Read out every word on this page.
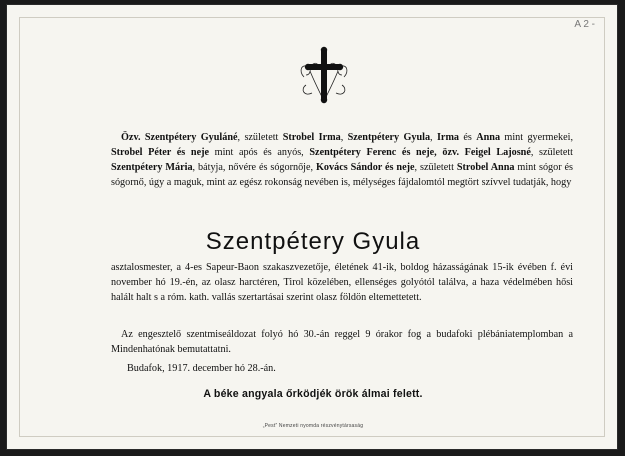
A 2 -
Özv. Szentpétery Gyuláné, született Strobel Irma, Szentpétery Gyula, Irma és Anna mint gyermekei, Strobel Péter és neje mint após és anyós, Szentpétery Ferenc és neje, özv. Feigel Lajosné, született Szentpétery Mária, bátyja, nővére és sógornője, Kovács Sándor és neje, született Strobel Anna mint sógor és sógornő, úgy a maguk, mint az egész rokonság nevében is, mélységes fájdalomtól megtört szívvel tudatják, hogy
Szentpétery Gyula
asztalosmester, a 4-es Sapeur-Baon szakaszvezetője, életének 41-ik, boldog házasságának 15-ik évében f. évi november hó 19.-én, az olasz harctéren, Tirol közelében, ellenséges golyótól találva, a haza védelmében hősi halált halt s a róm. kath. vallás szertartásai szerint olasz földön eltemettetett.
Az engesztelő szentmiseáldozat folyó hó 30.-án reggel 9 órakor fog a budafoki plébániatemplomban a Mindenhatónak bemutattatni.
Budafok, 1917. december hó 28.-án.
A béke angyala őrködjék örök álmai felett.
„Pest” Nemzeti nyomda részvénytársaság
